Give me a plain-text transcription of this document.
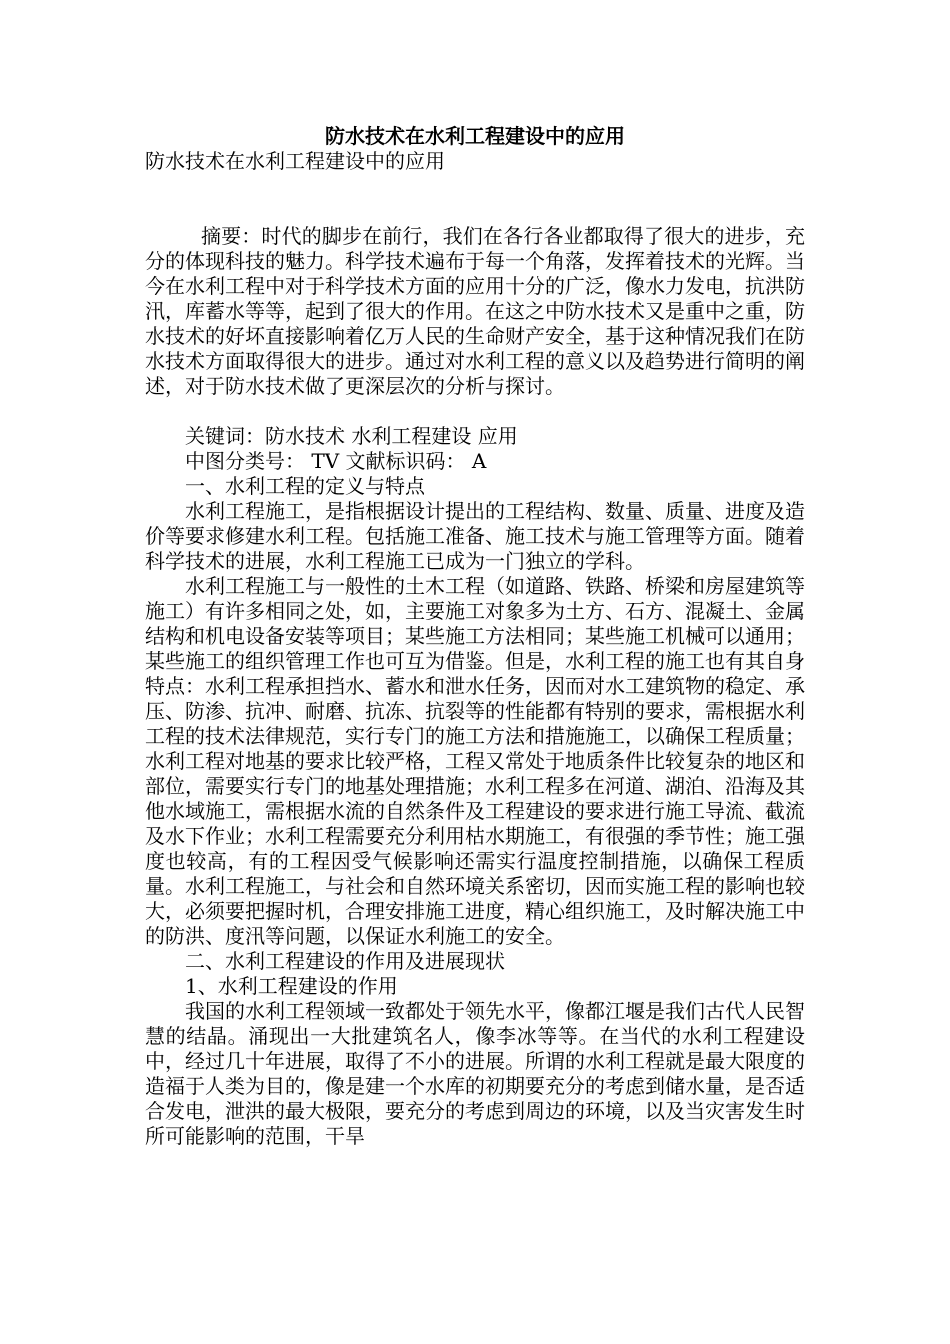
防水技术在水利工程建设中的应用

防水技术在水利工程建设中的应用

摘要：时代的脚步在前行，我们在各行各业都取得了很大的进步，充分的体现科技的魅力。科学技术遍布于每一个角落，发挥着技术的光辉。当今在水利工程中对于科学技术方面的应用十分的广泛，像水力发电，抗洪防汛，库蓄水等等，起到了很大的作用。在这之中防水技术又是重中之重，防水技术的好坏直接影响着亿万人民的生命财产安全，基于这种情况我们在防水技术方面取得很大的进步。通过对水利工程的意义以及趋势进行简明的阐述，对于防水技术做了更深层次的分析与探讨。

关键词：防水技术 水利工程建设 应用

中图分类号： TV 文献标识码： A

一、水利工程的定义与特点

水利工程施工，是指根据设计提出的工程结构、数量、质量、进度及造价等要求修建水利工程。包括施工准备、施工技术与施工管理等方面。随着科学技术的进展，水利工程施工已成为一门独立的学科。

水利工程施工与一般性的土木工程（如道路、铁路、桥梁和房屋建筑等施工）有许多相同之处，如，主要施工对象多为土方、石方、混凝土、金属结构和机电设备安装等项目；某些施工方法相同；某些施工机械可以通用；某些施工的组织管理工作也可互为借鉴。但是，水利工程的施工也有其自身特点：水利工程承担挡水、蓄水和泄水任务，因而对水工建筑物的稳定、承压、防渗、抗冲、耐磨、抗冻、抗裂等的性能都有特别的要求，需根据水利工程的技术法律规范，实行专门的施工方法和措施施工，以确保工程质量；水利工程对地基的要求比较严格，工程又常处于地质条件比较复杂的地区和部位，需要实行专门的地基处理措施；水利工程多在河道、湖泊、沿海及其他水域施工，需根据水流的自然条件及工程建设的要求进行施工导流、截流及水下作业；水利工程需要充分利用枯水期施工，有很强的季节性；施工强度也较高，有的工程因受气候影响还需实行温度控制措施，以确保工程质量。水利工程施工，与社会和自然环境关系密切，因而实施工程的影响也较大，必须要把握时机，合理安排施工进度，精心组织施工，及时解决施工中的防洪、度汛等问题，以保证水利施工的安全。

二、水利工程建设的作用及进展现状

1、水利工程建设的作用

我国的水利工程领域一致都处于领先水平，像都江堰是我们古代人民智慧的结晶。涌现出一大批建筑名人，像李冰等等。在当代的水利工程建设中，经过几十年进展，取得了不小的进展。所谓的水利工程就是最大限度的造福于人类为目的，像是建一个水库的初期要充分的考虑到储水量，是否适合发电，泄洪的最大极限，要充分的考虑到周边的环境，以及当灾害发生时所可能影响的范围，干旱
